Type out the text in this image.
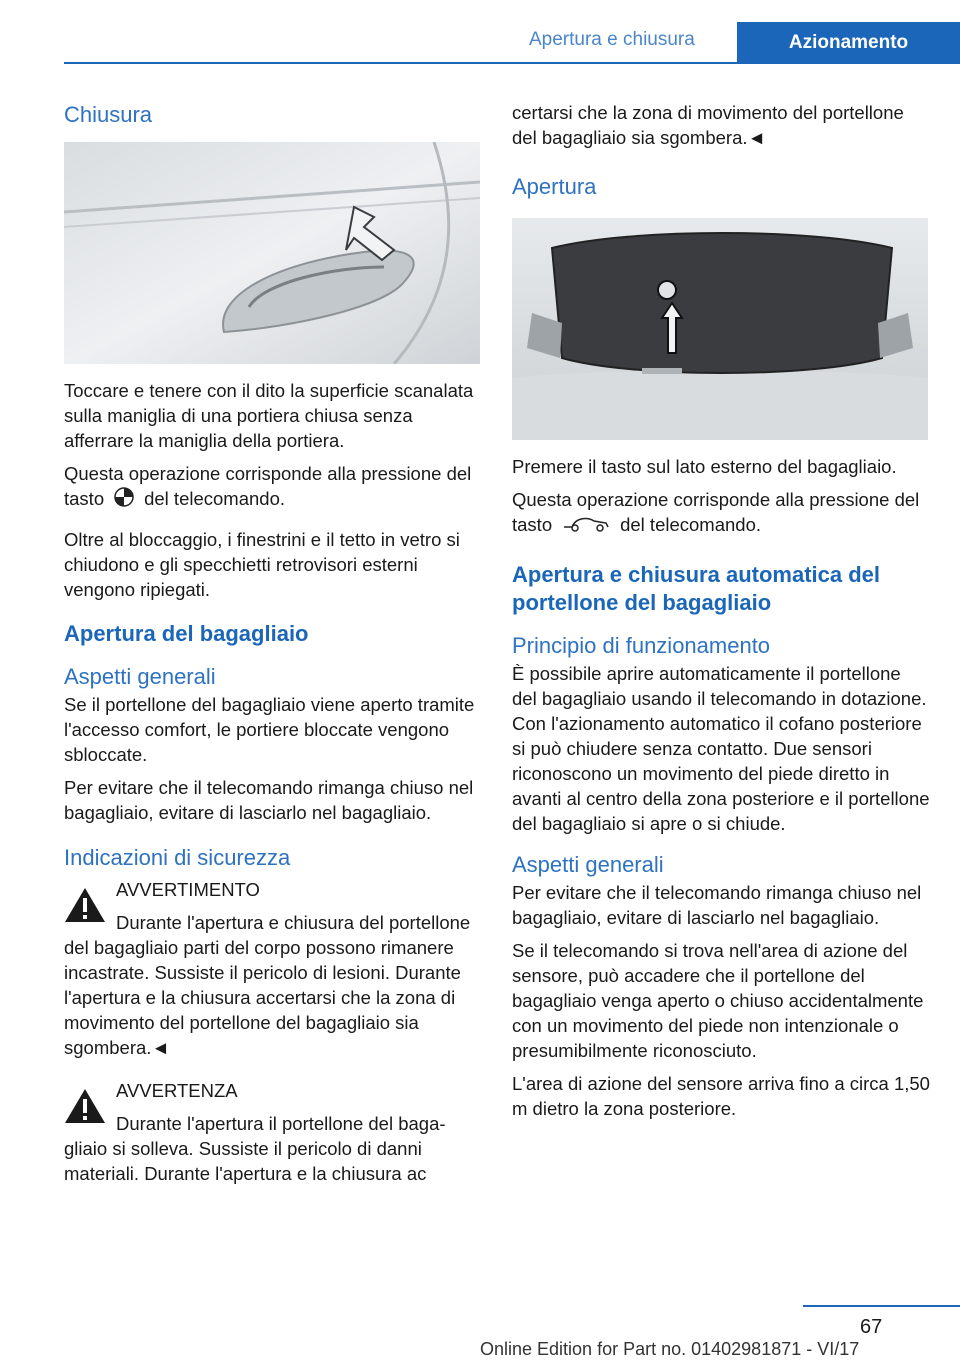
Apertura e chiusura	Azionamento
Chiusura

Toccare e tenere con il dito la superficie scanalata sulla maniglia di una portiera chiusa senza afferrare la maniglia della portiera.

Questa operazione corrisponde alla pressione del tasto del telecomando.

Oltre al bloccaggio, i finestrini e il tetto in vetro si chiudono e gli specchietti retrovisori esterni vengono ripiegati.

Apertura del bagagliaio
Aspetti generali

Se il portellone del bagagliaio viene aperto tramite l'accesso comfort, le portiere bloccate vengono sbloccate.

Per evitare che il telecomando rimanga chiuso nel bagagliaio, evitare di lasciarlo nel bagagliaio.

Indicazioni di sicurezza
AVVERTIMENTO
Durante l'apertura e chiusura del portellone del bagagliaio parti del corpo possono rimanere incastrate. Sussiste il pericolo di lesioni. Durante l'apertura e la chiusura accertarsi che la zona di movimento del portellone del bagagliaio sia sgombera.◄
AVVERTENZA
Durante l'apertura il portellone del bagagliaio si solleva. Sussiste il pericolo di danni materiali. Durante l'apertura e la chiusura ac

certarsi che la zona di movimento del portellone del bagagliaio sia sgombera.◄

Apertura

Premere il tasto sul lato esterno del bagagliaio.

Questa operazione corrisponde alla pressione del tasto	del telecomando.

Apertura e chiusura automatica del portellone del bagagliaio
Principio di funzionamento

È possibile aprire automaticamente il portellone del bagagliaio usando il telecomando in dotazione. Con l'azionamento automatico il cofano posteriore si può chiudere senza contatto. Due sensori riconoscono un movimento del piede diretto in avanti al centro della zona posteriore e il portellone del bagagliaio si apre o si chiude.

Aspetti generali

Per evitare che il telecomando rimanga chiuso nel bagagliaio, evitare di lasciarlo nel bagagliaio.

Se il telecomando si trova nell'area di azione del sensore, può accadere che il portellone del bagagliaio venga aperto o chiuso accidentalmente con un movimento del piede non intenzionale o presumibilmente riconosciuto.

L'area di azione del sensore arriva fino a circa 1,50 m dietro la zona posteriore.

67
Online Edition for Part no. 01402981871 - VI/17
